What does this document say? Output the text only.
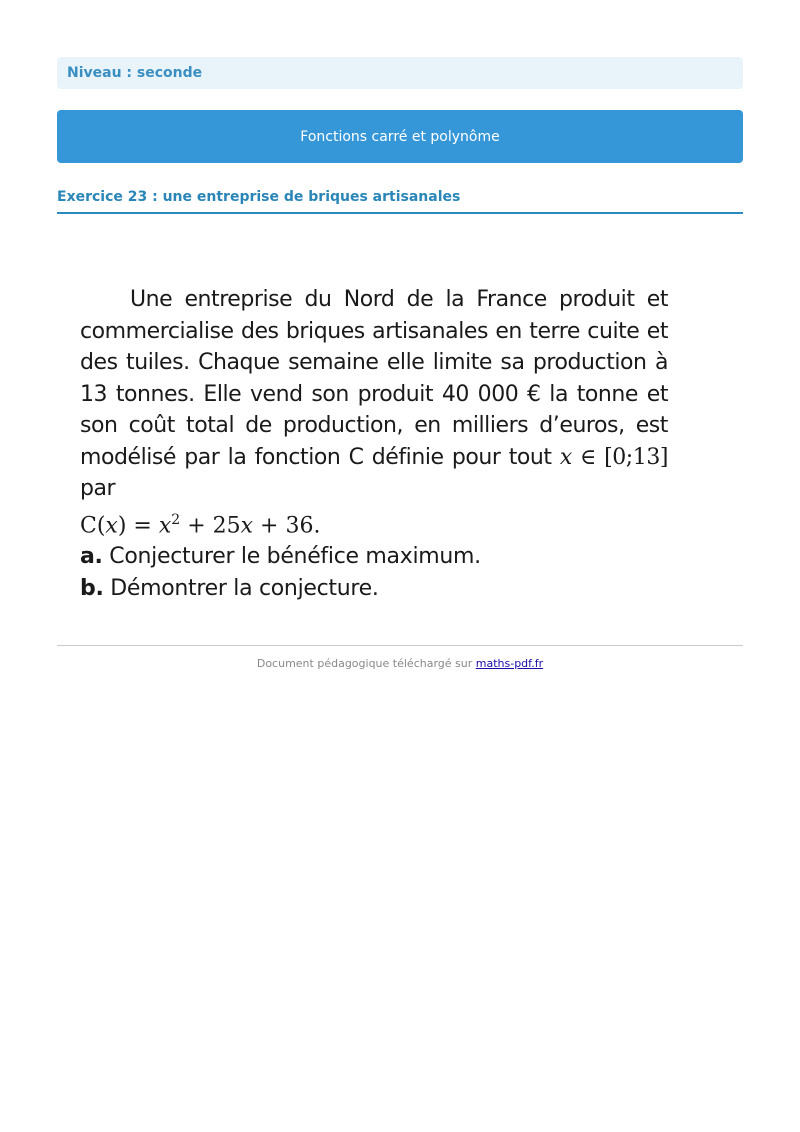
Niveau : seconde
Fonctions carré et polynôme
Exercice 23 : une entreprise de briques artisanales

Une entreprise du Nord de la France produit et commercialise des briques artisanales en terre cuite et des tuiles. Chaque semaine elle limite sa production à 13 tonnes. Elle vend son produit 40 000 € la tonne et son coût total de production, en milliers d’euros, est modélisé par la fonction C définie pour tout x ∈ [0;13] par

$C(x) = x^2 + 25x + 36$.

a. Conjecturer le bénéfice maximum.

b. Démontrer la conjecture.

Document pédagogique téléchargé sur maths-pdf.fr
